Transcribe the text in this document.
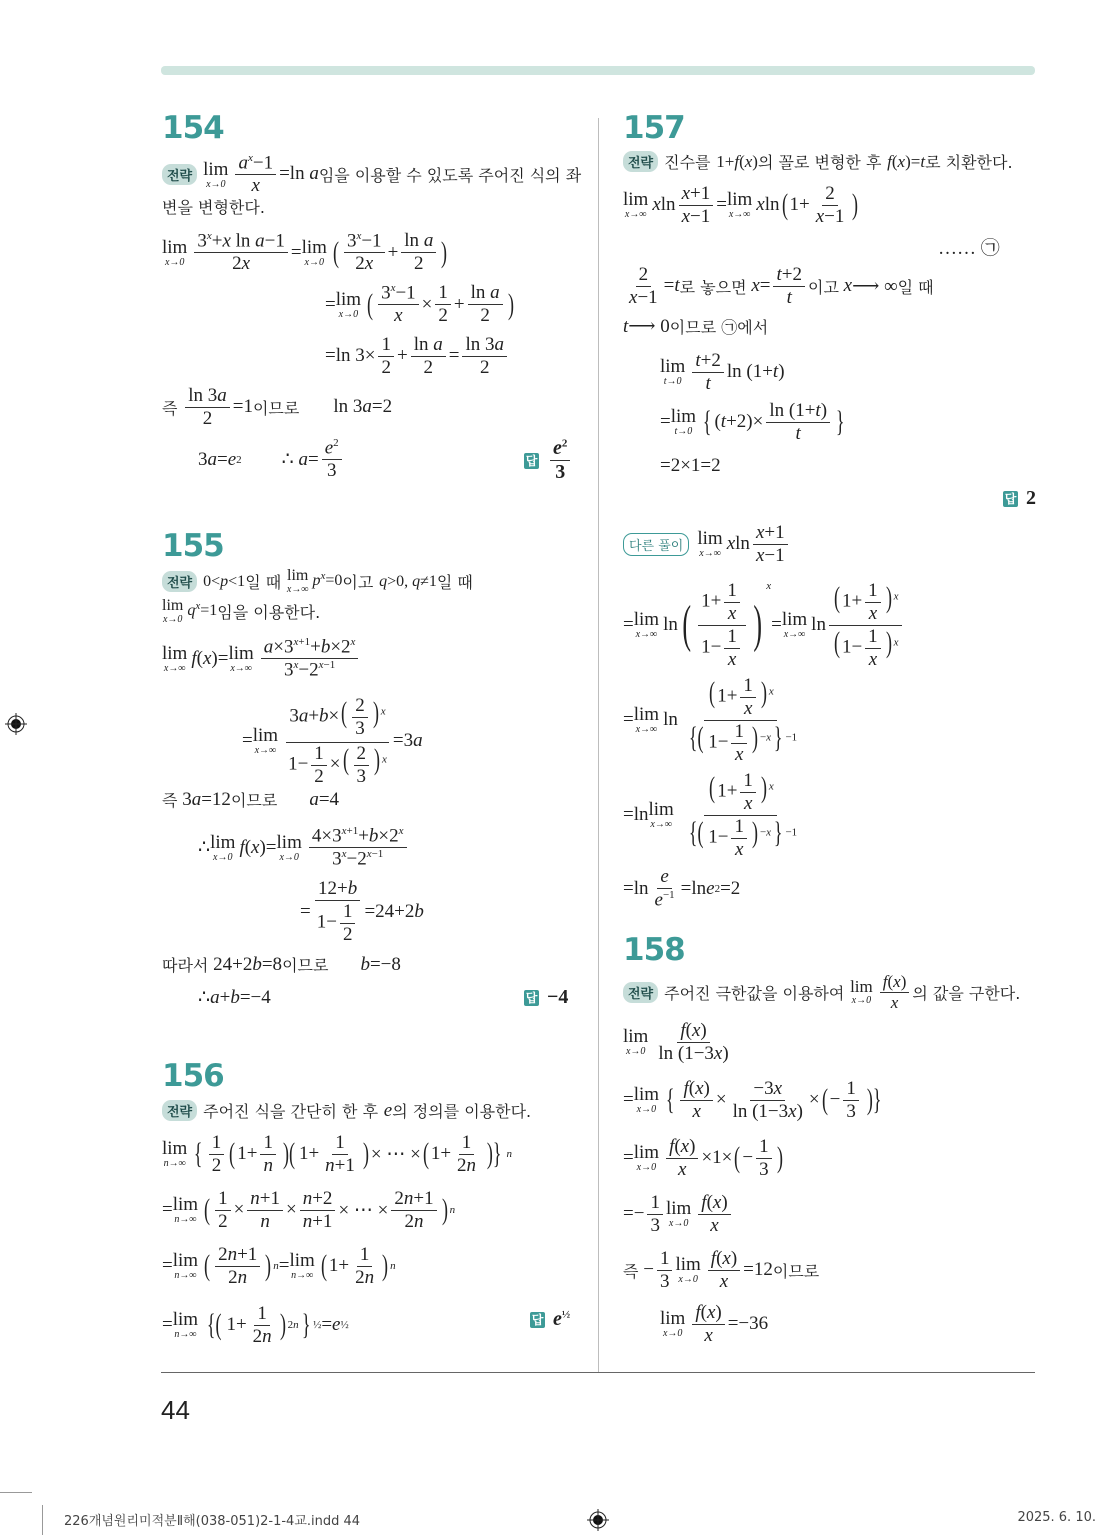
44
226개념원리미적분Ⅱ해(038-051)2-1-4교.indd 44	2025. 6. 10.
154
전략 lim
$x\to 0 \frac{a^x-1}{x} =\ln$ a 임을 이용할 수 있도록 주어진 식의 좌
변을 변형한다.
lim
$x\to 0 \frac{3^x+x \ln a-1}{2x} = \lim$
x→0 ( $\frac{3^x-1}{2x} + \frac{\text{ln a}}{2}$ )
= lim
x→0 ( $\frac{3^x-1}{x} \times \frac{1}{2} + \frac{\text{ln a}}{2}$ )
=ln $3\times \frac{1}{2} + \frac{\text{ln a}}{2} = \frac{\ln 3a}{2}$
즉
$\frac{\ln 3a}{2} =1$ 이므로 ln 3a=2
3 a = e 2 ∴ $a= \frac{e^2}{3}$	답 $\frac{e^2}{3}$
155
전략 0<p<1 일 때
lim
x→∞
$p^x=0$ 이고
q>0, q≠1 일 때
lim
x→0
$q^x=1$ 임을 이용한다.
lim
x→∞ f ( x )= lim
$x\to\infty \frac{a\times 3^{x+1}+b\times 2^x}{3^x-2^{x-1}}$
= lim
$x\to\infty \frac{3a+b\times( \frac{2}{3} ) ^x}{1- \frac{1}{2} \times( \frac{2}{3} ) ^x} =3$ a
즉 3 a =12 이므로 a=4
∴ lim
x→0 f ( x )= lim
$x\to 0 \frac{4\times 3^{x+1}+b\times 2^x}{3^x-2^{x-1}}$
= $\frac{12+b}{1- \frac{1}{2}} =24+2$ b
따라서 24+2 b =8 이므로 b=−8
∴ a + b =−4	답 −4
156
전략 주어진 식을 간단히 한 후
e 의 정의를 이용한다.
lim
n→∞ { $\frac{1}{2}$ ( $1+ \frac{1}{n}$ )( $1+ \frac{1}{n+1}$ ) × ⋯ × ( $1+ \frac{1}{2n}$ )} n
= lim
n→∞ ( $\frac{1}{2} \times \frac{n+1}{n} \times \frac{n+2}{n+1}$ × ⋯ × $\frac{2n+1}{2n}$ ) n
= lim
n→∞ ( $\frac{2n+1}{2n}$ ) n = lim
n→∞ ( $1+ \frac{1}{2n}$ ) n
= lim
n→∞ {( $1+ \frac{1}{2n}$ ) 2n } ½ = e ½	답 $e^{\frac{1}{2}}$
157
전략 진수를
1+f(x) 의 꼴로 변형한 후
f(x)=t 로 치환한다.
lim
x→∞ x $\ln \frac{x+1}{x-1} = \lim$
x→∞ x ln ( $1+ \frac{2}{x-1}$ )
…… ㉠
$\frac{2}{x-1} = t$ 로 놓으면
$x = \frac{t+2}{t}$ 이고
x ⟶ ∞ 일 때
t ⟶ 0 이므로 ㉠에서
lim
$t\to 0 \frac{t+2}{t}$ ln (1+ t )
= lim
t→0 { ( $t +2)\times \frac{\ln (1+t)}{t}$ }
=2×1=2
답 2
다른 풀이 lim
x→∞ x $\ln \frac{x+1}{x-1}$
= lim
x→∞ ln ( $\frac{1+ \frac{1}{x}}{1- \frac{1}{x}}$ )
x
= lim
x→∞ $\ln \frac{( 1+ \frac{1}{x} ) ^x}{( 1- \frac{1}{x} ) ^x}$
= lim
x→∞ $\ln \frac{( 1+ \frac{1}{x} ) ^x}{\{( 1- \frac{1}{x} ) ^{-x}\} ^{-1}}$
=ln lim
$x\to\infty \frac{( 1+ \frac{1}{x} ) ^x}{\{( 1- \frac{1}{x} ) ^{-x}\} ^{-1}}$
$=\ln \frac{e}{e^{-1}} =\ln$ e 2 =2
158
전략 주어진 극한값을 이용하여
lim
$x\to 0 \frac{f(x)}{x}$ 의 값을 구한다.
lim
$x\to 0 \frac{f(x)}{\ln (1-3x)}$
= lim
x→0 { $\frac{f(x)}{x} \times \frac{-3x}{\ln (1-3x)}$ × ( − $\frac{1}{3}$ )}
= lim
$x\to 0 \frac{f(x)}{x} \times 1\times$ ( − $\frac{1}{3}$ )
=− $\frac{1}{3}$ lim
$x\to 0 \frac{f(x)}{x}$
즉 − $\frac{1}{3}$ lim
$x\to 0 \frac{f(x)}{x} =12$ 이므로
lim
$x\to 0 \frac{f(x)}{x} =-36$
